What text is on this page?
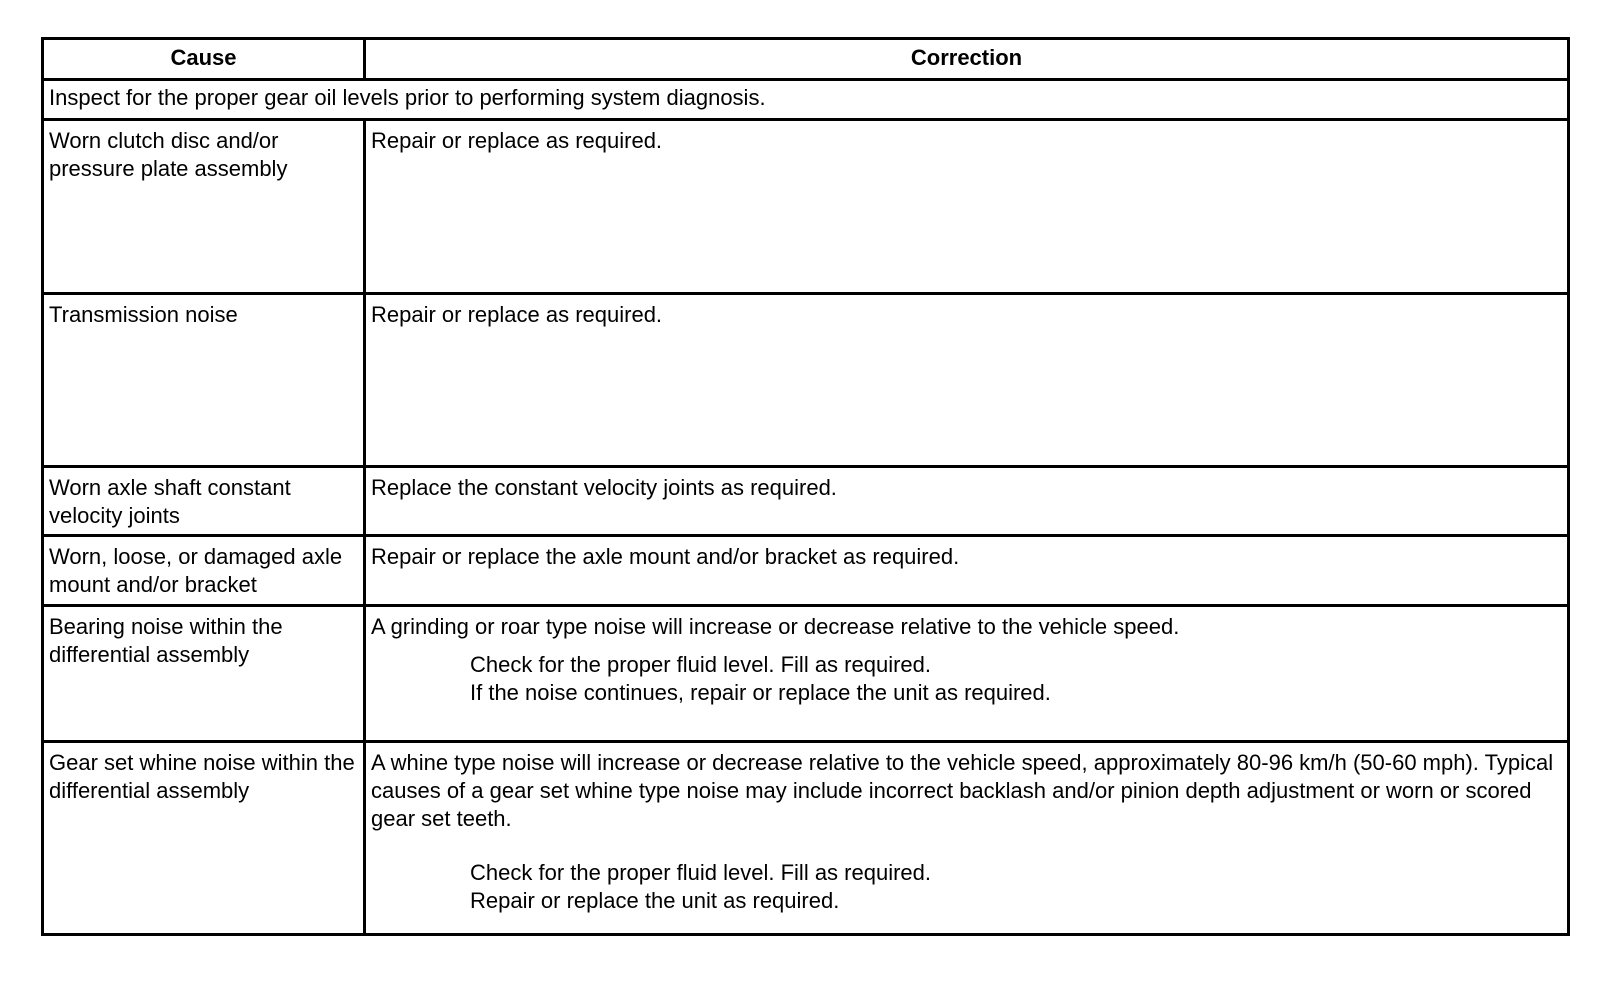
Cause	Correction
Inspect for the proper gear oil levels prior to performing system diagnosis.	
Worn clutch disc and/or pressure plate assembly	Repair or replace as required.
Transmission noise	Repair or replace as required.
Worn axle shaft constant velocity joints	Replace the constant velocity joints as required.
Worn, loose, or damaged axle mount and/or bracket	Repair or replace the axle mount and/or bracket as required.
Bearing noise within the differential assembly	A grinding or roar type noise will increase or decrease relative to the vehicle speed.
Check for the proper fluid level. Fill as required.
If the noise continues, repair or replace the unit as required.

Gear set whine noise within the differential assembly	A whine type noise will increase or decrease relative to the vehicle speed, approximately 80-96 km/h (50-60 mph). Typical causes of a gear set whine type noise may include incorrect backlash and/or pinion depth adjustment or worn or scored gear set teeth.
Check for the proper fluid level. Fill as required.
Repair or replace the unit as required.
